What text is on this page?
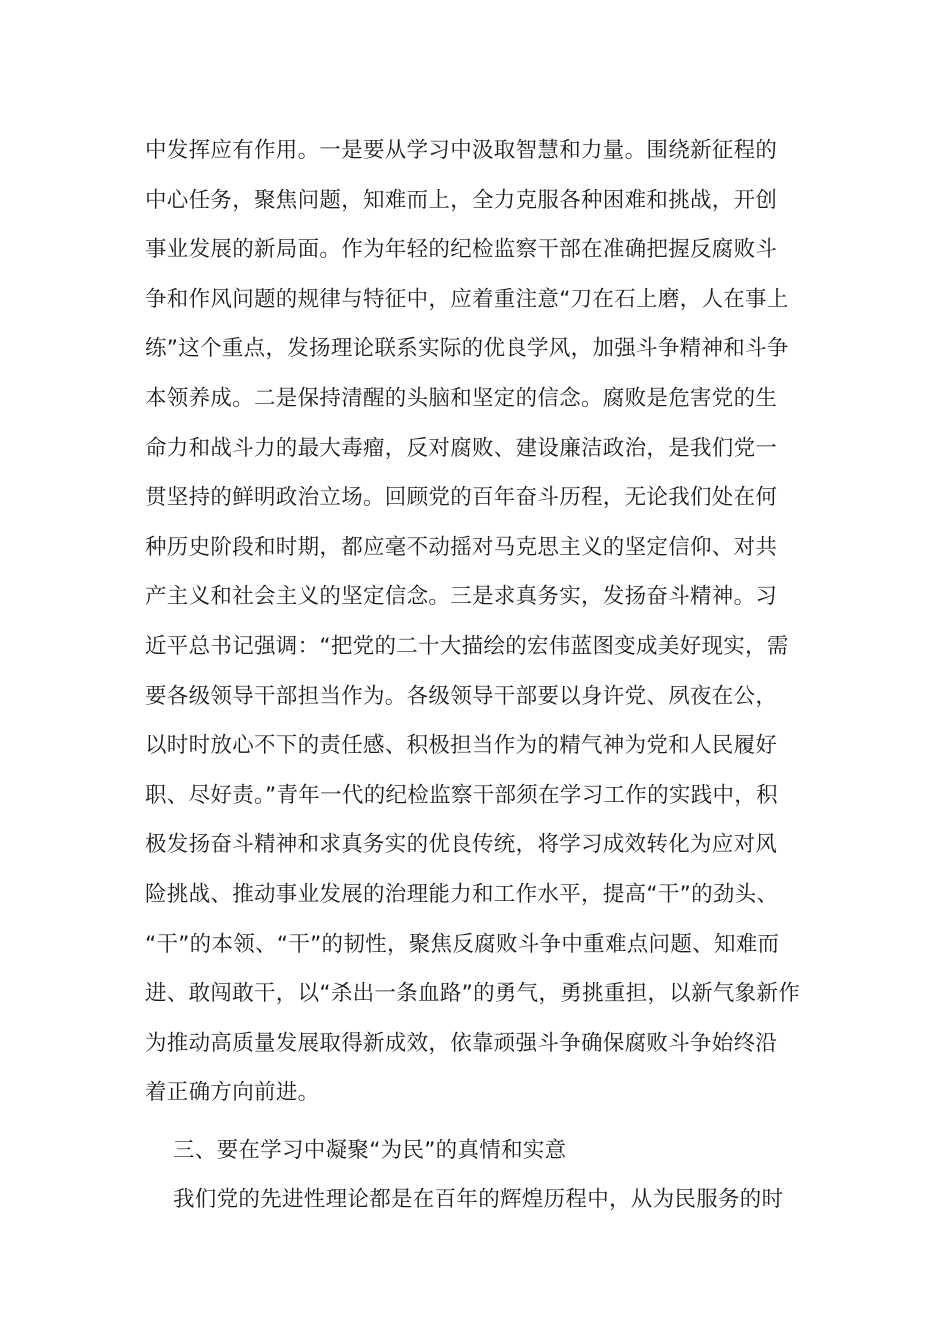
中发挥应有作用。一是要从学习中汲取智慧和力量。围绕新征程的
中心任务，聚焦问题，知难而上，全力克服各种困难和挑战，开创
事业发展的新局面。作为年轻的纪检监察干部在准确把握反腐败斗
争和作风问题的规律与特征中，应着重注意“刀在石上磨，人在事上
练”这个重点，发扬理论联系实际的优良学风，加强斗争精神和斗争
本领养成。二是保持清醒的头脑和坚定的信念。腐败是危害党的生
命力和战斗力的最大毒瘤，反对腐败、建设廉洁政治，是我们党一
贯坚持的鲜明政治立场。回顾党的百年奋斗历程，无论我们处在何
种历史阶段和时期，都应毫不动摇对马克思主义的坚定信仰、对共
产主义和社会主义的坚定信念。三是求真务实，发扬奋斗精神。习
近平总书记强调：“把党的二十大描绘的宏伟蓝图变成美好现实，需
要各级领导干部担当作为。各级领导干部要以身许党、夙夜在公，
以时时放心不下的责任感、积极担当作为的精气神为党和人民履好
职、尽好责。”青年一代的纪检监察干部须在学习工作的实践中，积
极发扬奋斗精神和求真务实的优良传统，将学习成效转化为应对风
险挑战、推动事业发展的治理能力和工作水平，提高“干”的劲头、
“干”的本领、“干”的韧性，聚焦反腐败斗争中重难点问题、知难而
进、敢闯敢干，以“杀出一条血路”的勇气，勇挑重担，以新气象新作
为推动高质量发展取得新成效，依靠顽强斗争确保腐败斗争始终沿
着正确方向前进。
三、要在学习中凝聚“为民”的真情和实意
我们党的先进性理论都是在百年的辉煌历程中，从为民服务的时
